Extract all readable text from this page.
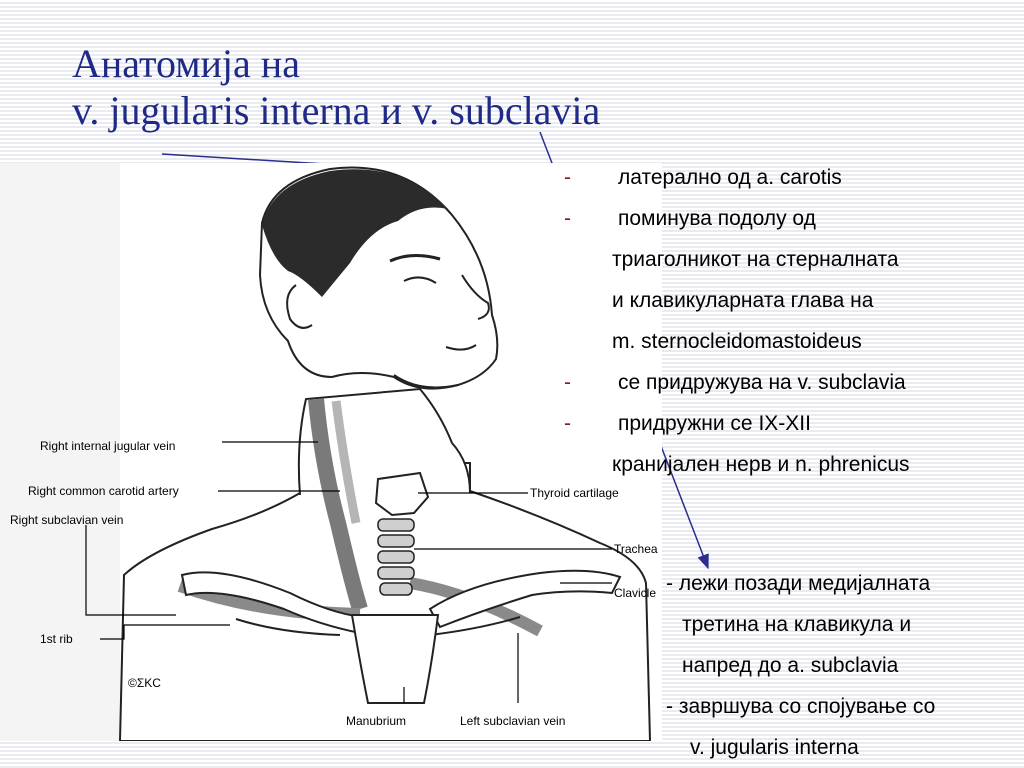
Анатомија на
v. jugularis interna и v. subclavia
Right internal jugular vein
Right common carotid artery
Right subclavian vein
1st rib
Thyroid cartilage
Trachea
Clavicle
Manubrium	Left subclavian vein
©ΣKC
-
-
-
-
латерално од a. carotis
поминува подолу од
триаголникот на стерналната
и клавикуларната глава на
m. sternocleidomastoideus
се придружува на v. subclavia
придружни се IX-XII
кранијален нерв и n. phrenicus
- лежи позади медијалната
третина на клавикула и
напред до a. subclavia
- завршува со спојување со
v. jugularis interna
